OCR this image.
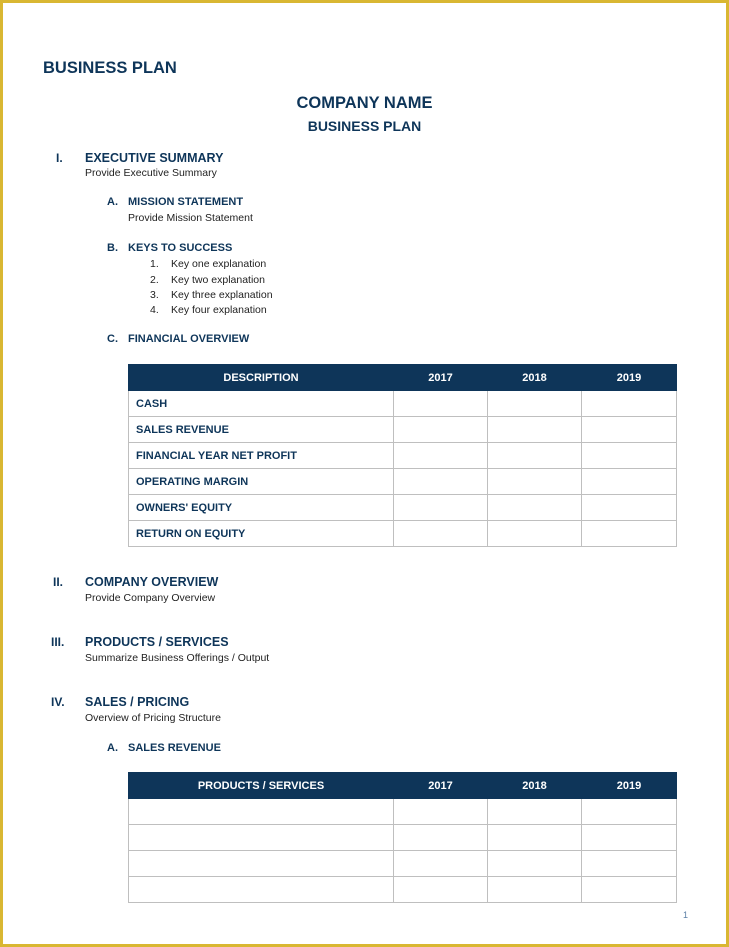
BUSINESS PLAN
COMPANY NAME
BUSINESS PLAN
I. EXECUTIVE SUMMARY
Provide Executive Summary
A. MISSION STATEMENT
Provide Mission Statement
B. KEYS TO SUCCESS
1. Key one explanation
2. Key two explanation
3. Key three explanation
4. Key four explanation
C. FINANCIAL OVERVIEW
DESCRIPTION	2017	2018	2019
CASH			
SALES REVENUE			
FINANCIAL YEAR NET PROFIT			
OPERATING MARGIN			
OWNERS' EQUITY			
RETURN ON EQUITY			
II. COMPANY OVERVIEW
Provide Company Overview
III. PRODUCTS / SERVICES
Summarize Business Offerings / Output
IV. SALES / PRICING
Overview of Pricing Structure
A. SALES REVENUE
PRODUCTS / SERVICES	2017	2018	2019

1
